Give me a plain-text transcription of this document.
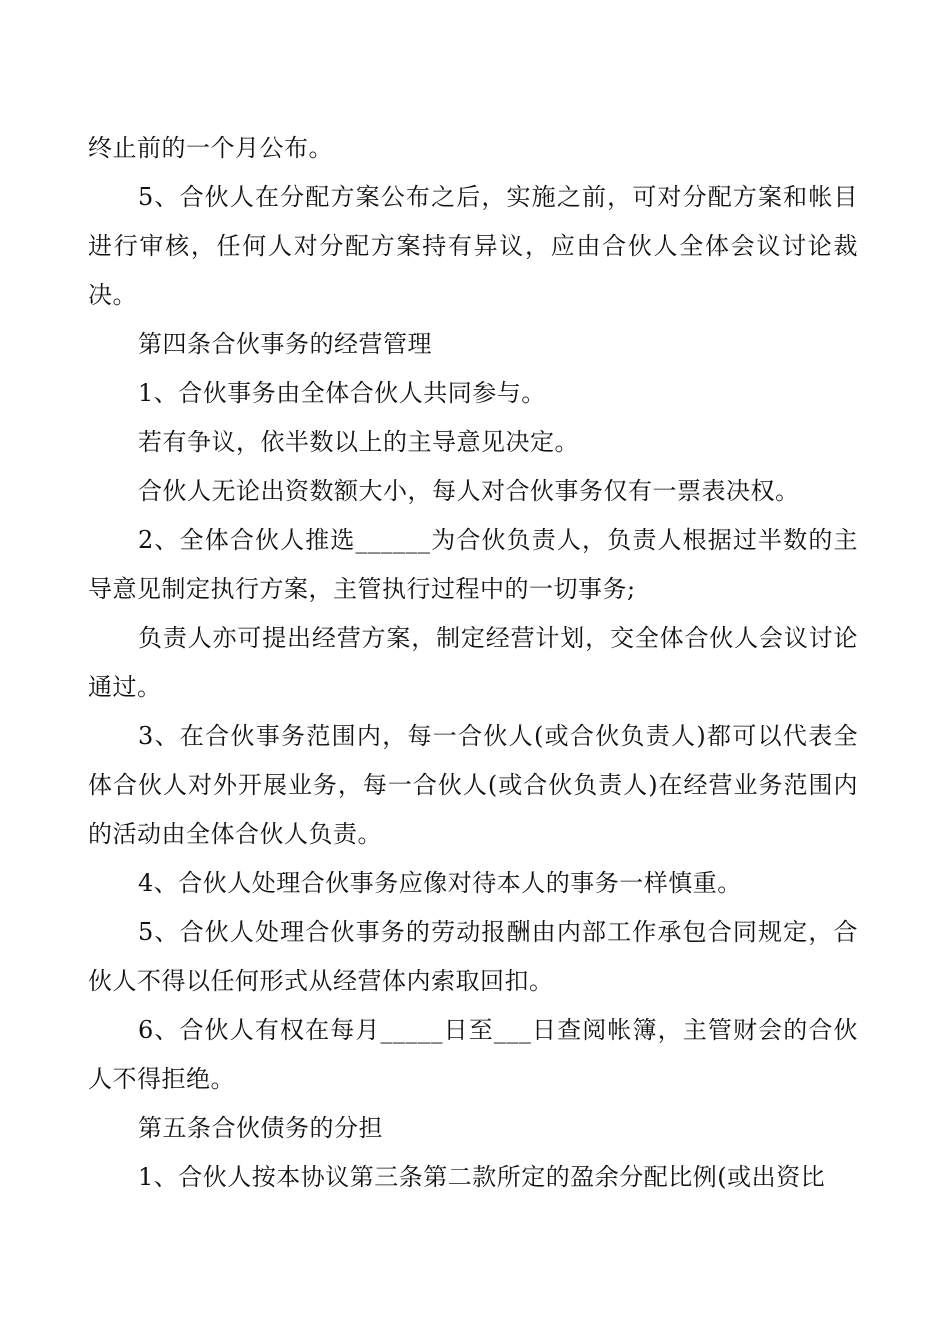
终止前的一个月公布。

5、合伙人在分配方案公布之后，实施之前，可对分配方案和帐目进行审核，任何人对分配方案持有异议，应由合伙人全体会议讨论裁决。

第四条合伙事务的经营管理

1、合伙事务由全体合伙人共同参与。

若有争议，依半数以上的主导意见决定。

合伙人无论出资数额大小，每人对合伙事务仅有一票表决权。

2、全体合伙人推选______为合伙负责人，负责人根据过半数的主导意见制定执行方案，主管执行过程中的一切事务;

负责人亦可提出经营方案，制定经营计划，交全体合伙人会议讨论通过。

3、在合伙事务范围内，每一合伙人(或合伙负责人)都可以代表全体合伙人对外开展业务，每一合伙人(或合伙负责人)在经营业务范围内的活动由全体合伙人负责。

4、合伙人处理合伙事务应像对待本人的事务一样慎重。

5、合伙人处理合伙事务的劳动报酬由内部工作承包合同规定，合伙人不得以任何形式从经营体内索取回扣。

6、合伙人有权在每月_____日至___日查阅帐簿，主管财会的合伙人不得拒绝。

第五条合伙债务的分担

1、合伙人按本协议第三条第二款所定的盈余分配比例(或出资比
